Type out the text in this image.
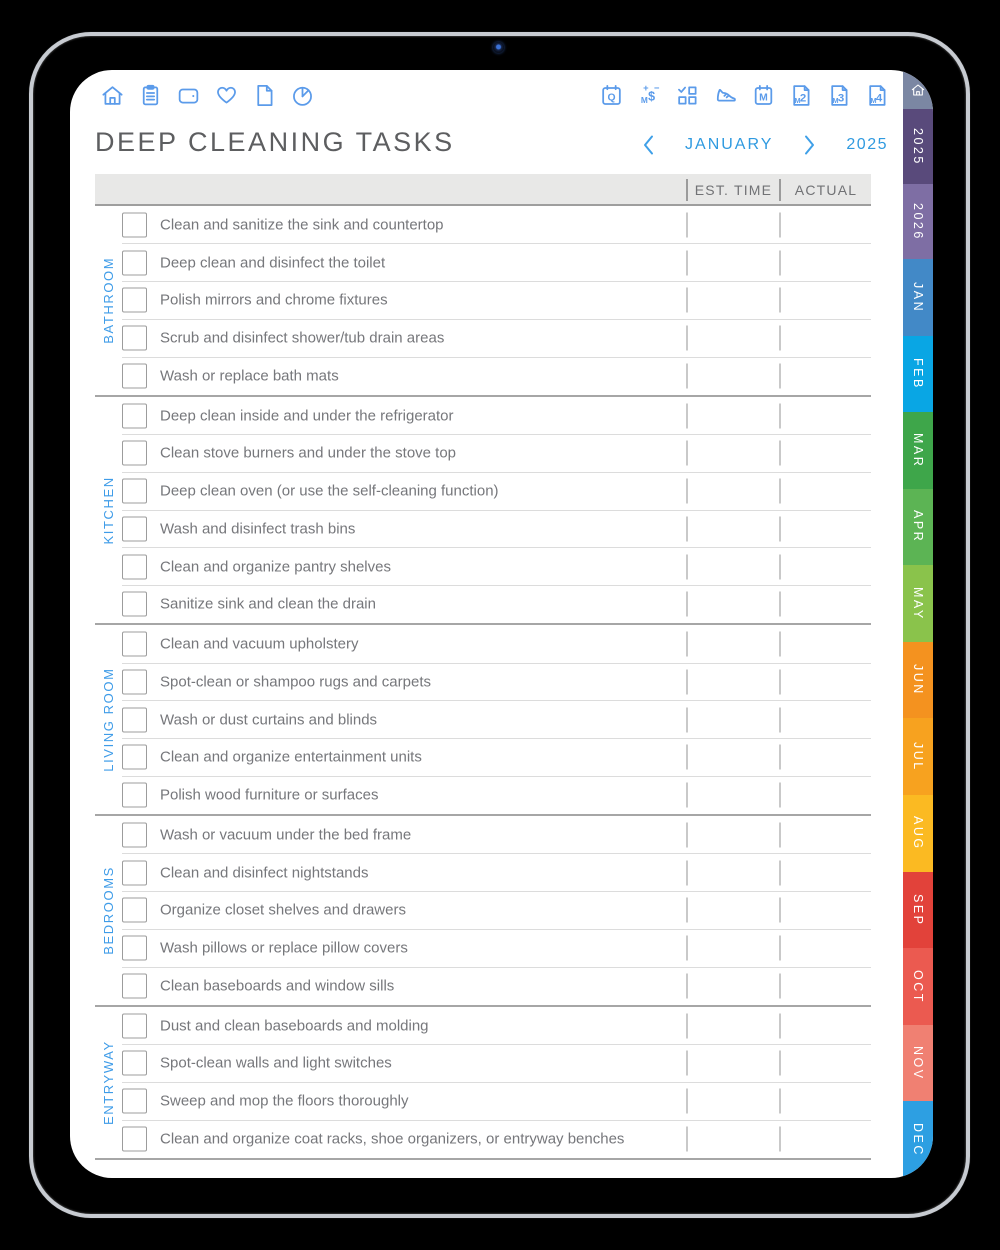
Q	M $
+ −
M	M 2	M 3	M 4
DEEP CLEANING TASKS	JANUARY	2025
EST. TIME	ACTUAL
BATHROOM
Clean and sanitize the sink and countertop
Deep clean and disinfect the toilet
Polish mirrors and chrome fixtures
Scrub and disinfect shower/tub drain areas
Wash or replace bath mats
KITCHEN
Deep clean inside and under the refrigerator
Clean stove burners and under the stove top
Deep clean oven (or use the self-cleaning function)
Wash and disinfect trash bins
Clean and organize pantry shelves
Sanitize sink and clean the drain
LIVING ROOM
Clean and vacuum upholstery
Spot-clean or shampoo rugs and carpets
Wash or dust curtains and blinds
Clean and organize entertainment units
Polish wood furniture or surfaces
BEDROOMS
Wash or vacuum under the bed frame
Clean and disinfect nightstands
Organize closet shelves and drawers
Wash pillows or replace pillow covers
Clean baseboards and window sills
ENTRYWAY
Dust and clean baseboards and molding
Spot-clean walls and light switches
Sweep and mop the floors thoroughly
Clean and organize coat racks, shoe organizers, or entryway benches
2025
2026
JAN
FEB
MAR
APR
MAY
JUN
JUL
AUG
SEP
OCT
NOV
DEC
